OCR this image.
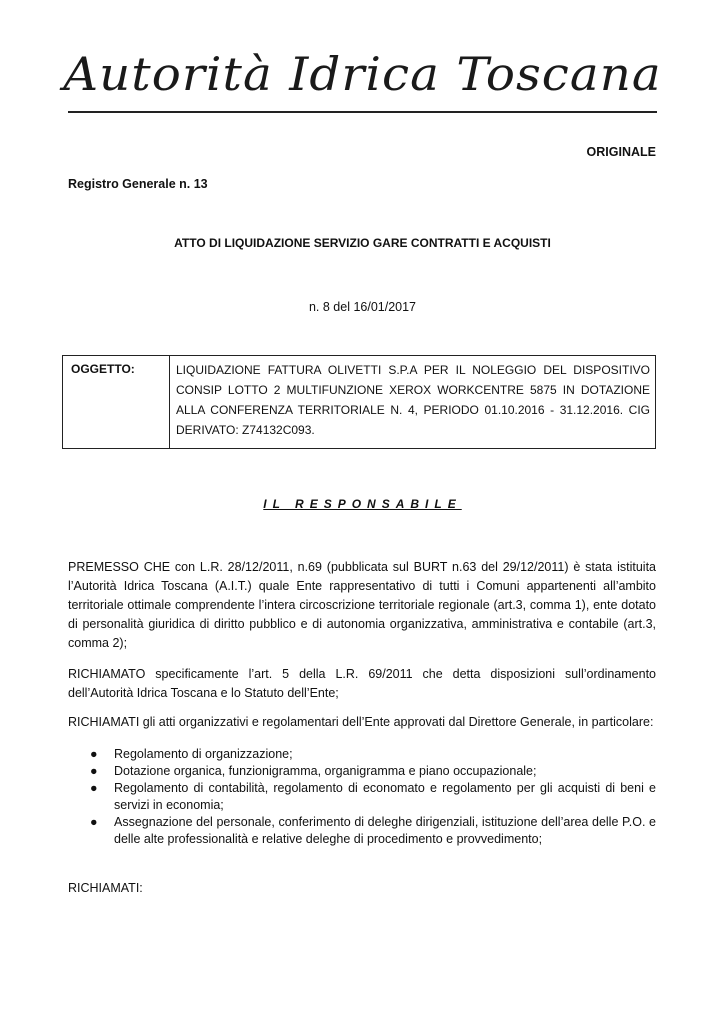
Autorità Idrica Toscana
ORIGINALE
Registro Generale n. 13
ATTO DI LIQUIDAZIONE SERVIZIO GARE CONTRATTI E ACQUISTI
n. 8 del 16/01/2017
OGGETTO:	LIQUIDAZIONE FATTURA OLIVETTI S.P.A PER IL NOLEGGIO DEL DISPOSITIVO CONSIP LOTTO 2 MULTIFUNZIONE XEROX WORKCENTRE 5875 IN DOTAZIONE ALLA CONFERENZA TERRITORIALE N. 4, PERIODO 01.10.2016 - 31.12.2016. CIG DERIVATO: Z74132C093.
IL RESPONSABILE
PREMESSO CHE con L.R. 28/12/2011, n.69 (pubblicata sul BURT n.63 del 29/12/2011) è stata istituita l’Autorità Idrica Toscana (A.I.T.) quale Ente rappresentativo di tutti i Comuni appartenenti all’ambito territoriale ottimale comprendente l’intera circoscrizione territoriale regionale (art.3, comma 1), ente dotato di personalità giuridica di diritto pubblico e di autonomia organizzativa, amministrativa e contabile (art.3, comma 2);
RICHIAMATO specificamente l’art. 5 della L.R. 69/2011 che detta disposizioni sull’ordinamento dell’Autorità Idrica Toscana e lo Statuto dell’Ente;
RICHIAMATI gli atti organizzativi e regolamentari dell’Ente approvati dal Direttore Generale, in particolare:
● Regolamento di organizzazione;
● Dotazione organica, funzionigramma, organigramma e piano occupazionale;
● Regolamento di contabilità, regolamento di economato e regolamento per gli acquisti di beni e servizi in economia;
● Assegnazione del personale, conferimento di deleghe dirigenziali, istituzione dell’area delle P.O. e delle alte professionalità e relative deleghe di procedimento e provvedimento;
RICHIAMATI:
